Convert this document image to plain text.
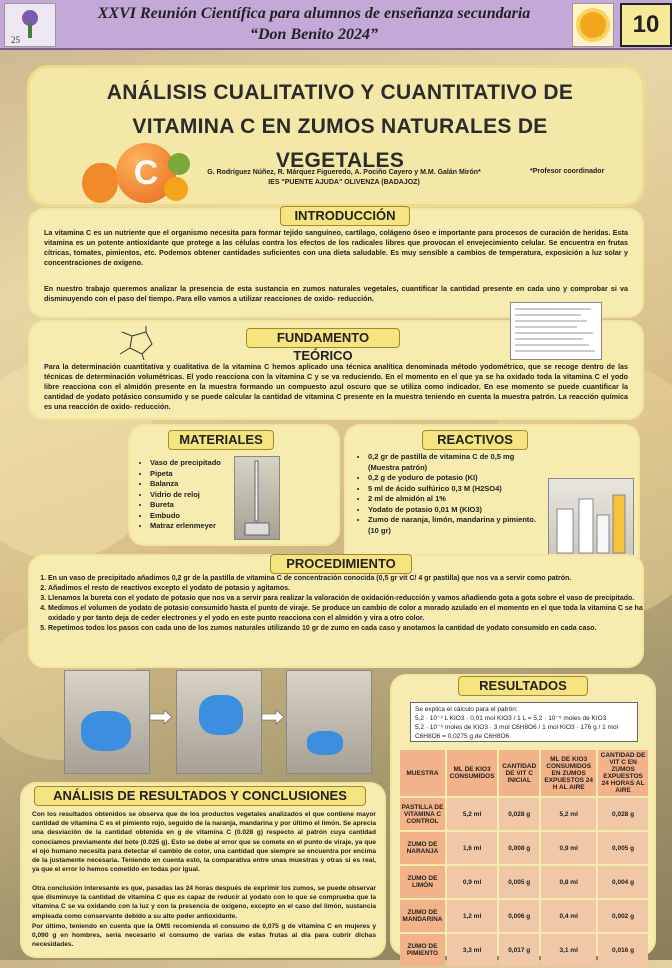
25
XXVI Reunión Científica para alumnos de enseñanza secundaria
“Don Benito 2024”	10
ANÁLISIS CUALITATIVO Y CUANTITATIVO DE
VITAMINA C EN ZUMOS NATURALES DE
VEGETALES
C	G. Rodríguez Núñez, R. Márquez Figueredo, A. Pociño Cayero y M.M. Galán Mirón*
IES "PUENTE AJUDA" OLIVENZA (BADAJOZ)
*Profesor coordinador
INTRODUCCIÓN
La vitamina C es un nutriente que el organismo necesita para formar tejido sanguíneo, cartílago, colágeno óseo e importante para procesos de curación de heridas. Esta vitamina es un potente antioxidante que protege a las células contra los efectos de los radicales libres que provocan el envejecimiento celular. Se encuentra en frutas cítricas, tomates, pimientos, etc. Podemos obtener cantidades suficientes con una dieta saludable. Es muy sensible a cambios de temperatura, exposición a luz solar y concentraciones de oxígeno.
En nuestro trabajo queremos analizar la presencia de esta sustancia en zumos naturales vegetales, cuantificar la cantidad presente en cada uno y comprobar si va disminuyendo con el paso del tiempo. Para ello vamos a utilizar reacciones de oxido- reducción.
FUNDAMENTO TEÓRICO
Para la determinación cuantitativa y cualitativa de la vitamina C hemos aplicado una técnica analítica denominada método yodométrico, que se recoge dentro de las técnicas de determinación volumétricas. El yodo reacciona con la vitamina C y se va reduciendo. En el momento en el que ya se ha oxidado toda la vitamina C el yodo libre reacciona con el almidón presente en la muestra formando un compuesto azul oscuro que se utiliza como indicador. En ese momento se puede cuantificar la cantidad de yodato potásico consumido y se puede calcular la cantidad de vitamina C presente en la muestra teniendo en cuenta la muestra patrón. La reacción química es una reacción de oxido- reducción.
MATERIALES
• Vaso de precipitado
• Pipeta
• Balanza
• Vidrio de reloj
• Bureta
• Embudo
• Matraz erlenmeyer
REACTIVOS
• 0,2 gr de pastilla de vitamina C de 0,5 mg (Muestra patrón)
• 0,2 g de yoduro de potasio (KI)
• 5 ml de ácido sulfúrico 0,3 M (H2SO4)
• 2 ml de almidón al 1%
• Yodato de potasio 0,01 M (KIO3)
• Zumo de naranja, limón, mandarina y pimiento. (10 gr)
PROCEDIMIENTO
1. En un vaso de precipitado añadimos 0,2 gr de la pastilla de vitamina C de concentración conocida (0,5 gr vit C/ 4 gr pastilla) que nos va a servir como patrón.
2. Añadimos el resto de reactivos excepto el yodato de potasio y agitamos.
3. Llenamos la bureta con el yodato de potasio que nos va a servir para realizar la valoración de oxidación-reducción y vamos añadiendo gota a gota sobre el vaso de precipitado.
4. Medimos el volumen de yodato de potasio consumido hasta el punto de viraje. Se produce un cambio de color a morado azulado en el momento en el que toda la vitamina C se ha oxidado y por tanto deja de ceder electrones y el yodo en este punto reacciona con el almidón y vira a otro color.
5. Repetimos todos los pasos con cada uno de los zumos naturales utilizando 10 gr de zumo en cada caso y anotamos la cantidad de yodato consumido en cada caso.
RESULTADOS
Se explica el cálculo para el patrón:
5,2 · 10⁻³ L KIO3 · 0,01 mol KIO3 / 1 L = 5,2 · 10⁻⁵ moles de KIO3
5,2 · 10⁻⁵ moles de KIO3 · 3 mol C6H8O6 / 1 mol KIO3 · 176 g / 1 mol C6H8O6 = 0,0275 g de C6H8O6
MUESTRA	ML DE KIO3 CONSUMIDOS	CANTIDAD DE VIT C INICIAL	ML DE KIO3 CONSUMIDOS EN ZUMOS EXPUESTOS 24 H AL AIRE	CANTIDAD DE VIT C EN ZUMOS EXPUESTOS 24 HORAS AL AIRE
PASTILLA DE VITAMINA C CONTROL	5,2 ml	0,028 g	5,2 ml	0,028 g
ZUMO DE NARANJA	1,6 ml	0,008 g	0,9 ml	0,005 g
ZUMO DE LIMÓN	0,9 ml	0,005 g	0,8 ml	0,004 g
ZUMO DE MANDARINA	1,2 ml	0,006 g	0,4 ml	0,002 g
ZUMO DE PIMIENTO	3,3 ml	0,017 g	3,1 ml	0,016 g
ANÁLISIS DE RESULTADOS Y CONCLUSIONES
Con los resultados obtenidos se observa que de los productos vegetales analizados el que contiene mayor cantidad de vitamina C es el pimiento rojo, seguido de la naranja, mandarina y por último el limón. Se aprecia una desviación de la cantidad obtenida en g de vitamina C (0.028 g) respecto al patrón cuya cantidad conocíamos previamente del bote (0.025 g). Esto se debe al error que se comete en el punto de viraje, ya que el ojo humano necesita para detectar el cambio de color, una cantidad que siempre se encuentra por encima de la justamente necesaria. Teniendo en cuenta esto, la comparativa entre unas muestras y otras sí es real, ya que el error lo hemos cometido en todas por igual.
Otra conclusión interesante es que, pasadas las 24 horas después de exprimir los zumos, se puede observar que disminuye la cantidad de vitamina C que es capaz de reducir al yodato con lo que se comprueba que la vitamina C se va oxidando con la luz y con la presencia de oxígeno, excepto en el caso del limón, sustancia empleada como conservante debido a su alto poder antioxidante.
Por último, teniendo en cuenta que la OMS recomienda el consumo de 0,075 g de vitamina C en mujeres y 0,090 g en hombres, sería necesario el consumo de varias de estas frutas al día para cubrir dichas necesidades.
